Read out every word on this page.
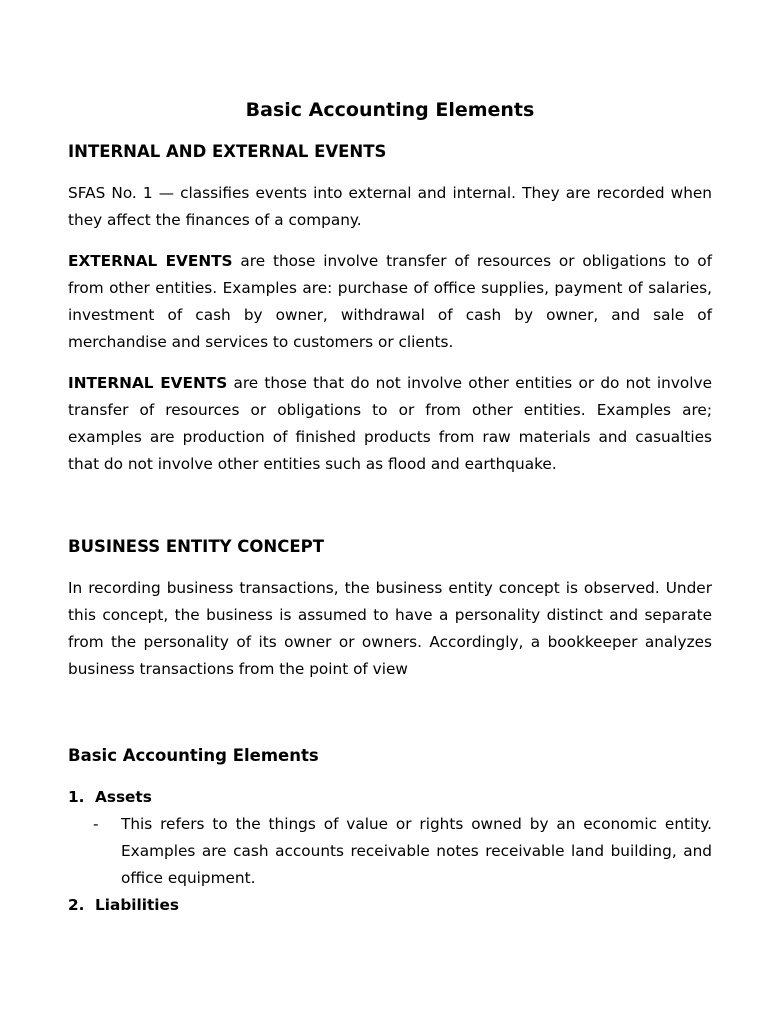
Basic Accounting Elements
INTERNAL AND EXTERNAL EVENTS

SFAS No. 1 — classifies events into external and internal. They are recorded when they affect the finances of a company.

EXTERNAL EVENTS are those involve transfer of resources or obligations to of from other entities. Examples are: purchase of office supplies, payment of salaries, investment of cash by owner, withdrawal of cash by owner, and sale of merchandise and services to customers or clients.

INTERNAL EVENTS are those that do not involve other entities or do not involve transfer of resources or obligations to or from other entities. Examples are; examples are production of finished products from raw materials and casualties that do not involve other entities such as flood and earthquake.

BUSINESS ENTITY CONCEPT

In recording business transactions, the business entity concept is observed. Under this concept, the business is assumed to have a personality distinct and separate from the personality of its owner or owners. Accordingly, a bookkeeper analyzes business transactions from the point of view

Basic Accounting Elements
1. Assets
- This refers to the things of value or rights owned by an economic entity. Examples are cash accounts receivable notes receivable land building, and office equipment.
2. Liabilities
